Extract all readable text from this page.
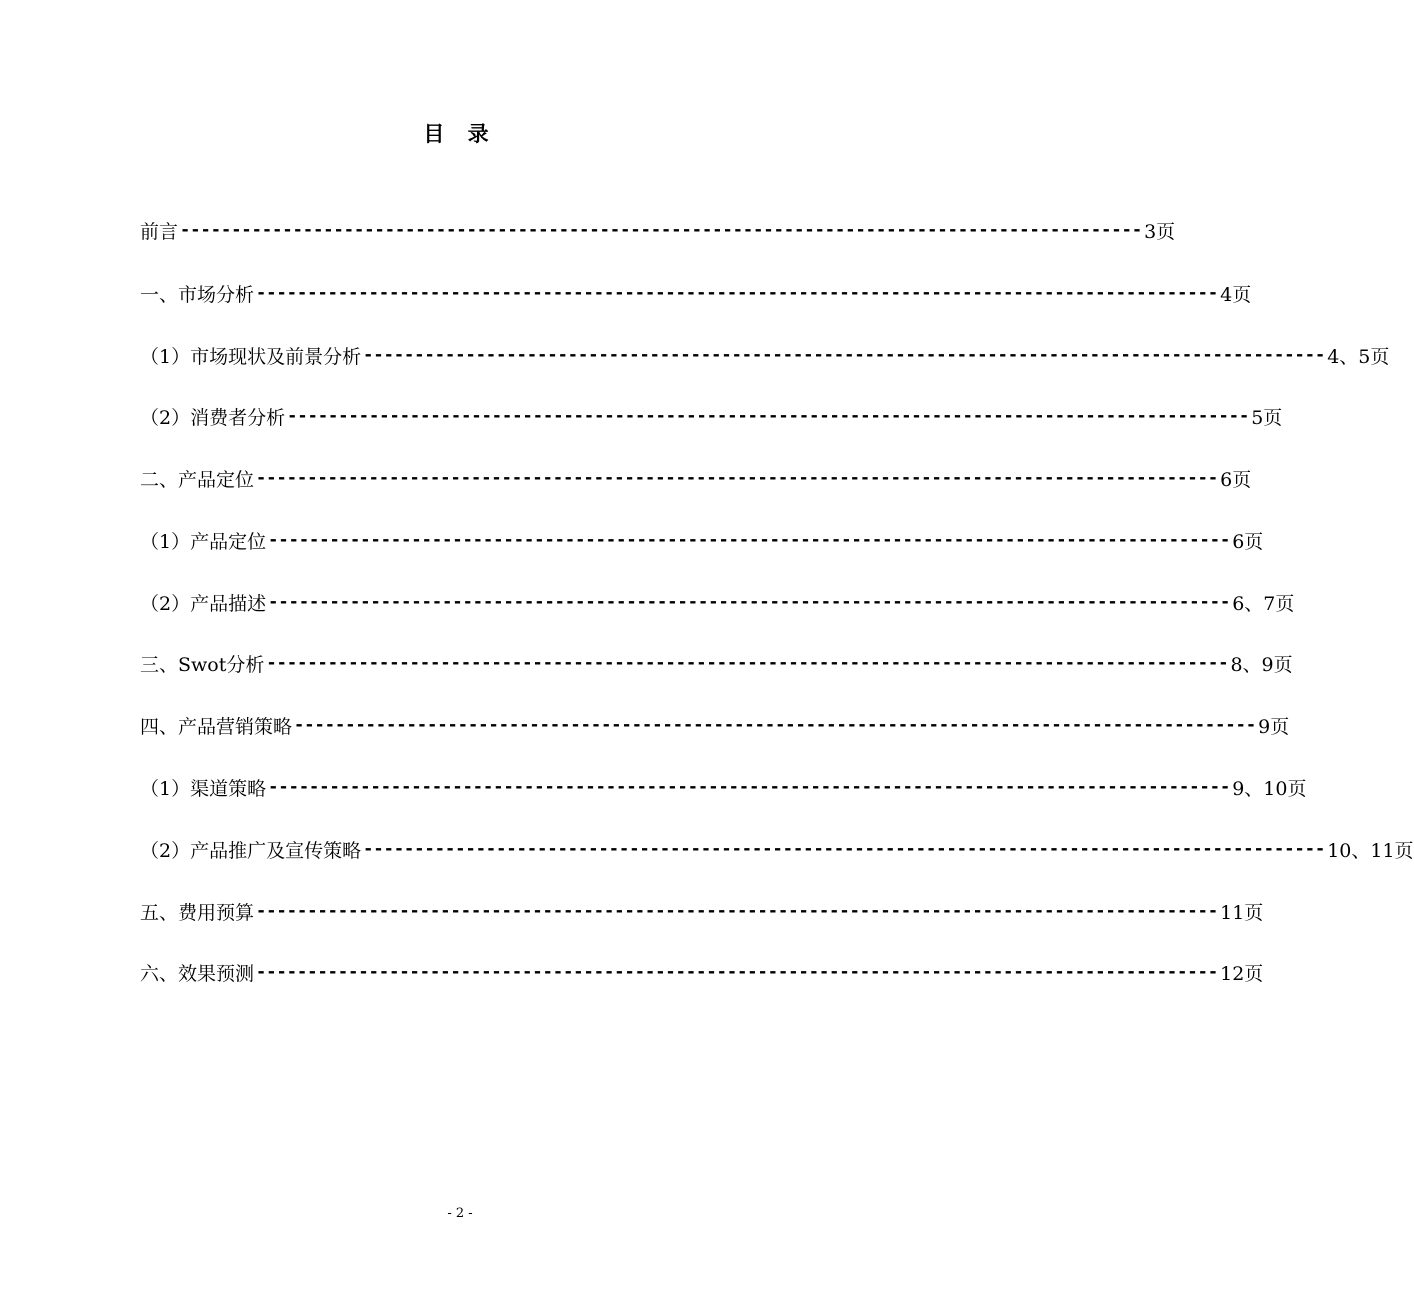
目 录
前言 ---------------------------------------------------------------------------------------------- 3页
一、 市场分析 ---------------------------------------------------------------------------------------------- 4页
（1） 市场现状及前景分析 ---------------------------------------------------------------------------------------------- 4、5页
（2） 消费者分析 ---------------------------------------------------------------------------------------------- 5页
二、 产品定位 ---------------------------------------------------------------------------------------------- 6页
（1） 产品定位 ---------------------------------------------------------------------------------------------- 6页
（2） 产品描述 ---------------------------------------------------------------------------------------------- 6、7页
三、 Swot分析 ---------------------------------------------------------------------------------------------- 8、9页
四、 产品营销策略 ---------------------------------------------------------------------------------------------- 9页
（1） 渠道策略 ---------------------------------------------------------------------------------------------- 9、10页
（2） 产品推广及宣传策略 ---------------------------------------------------------------------------------------------- 10、11页
五、 费用预算 ---------------------------------------------------------------------------------------------- 11页
六、 效果预测 ---------------------------------------------------------------------------------------------- 12页
- 2 -
